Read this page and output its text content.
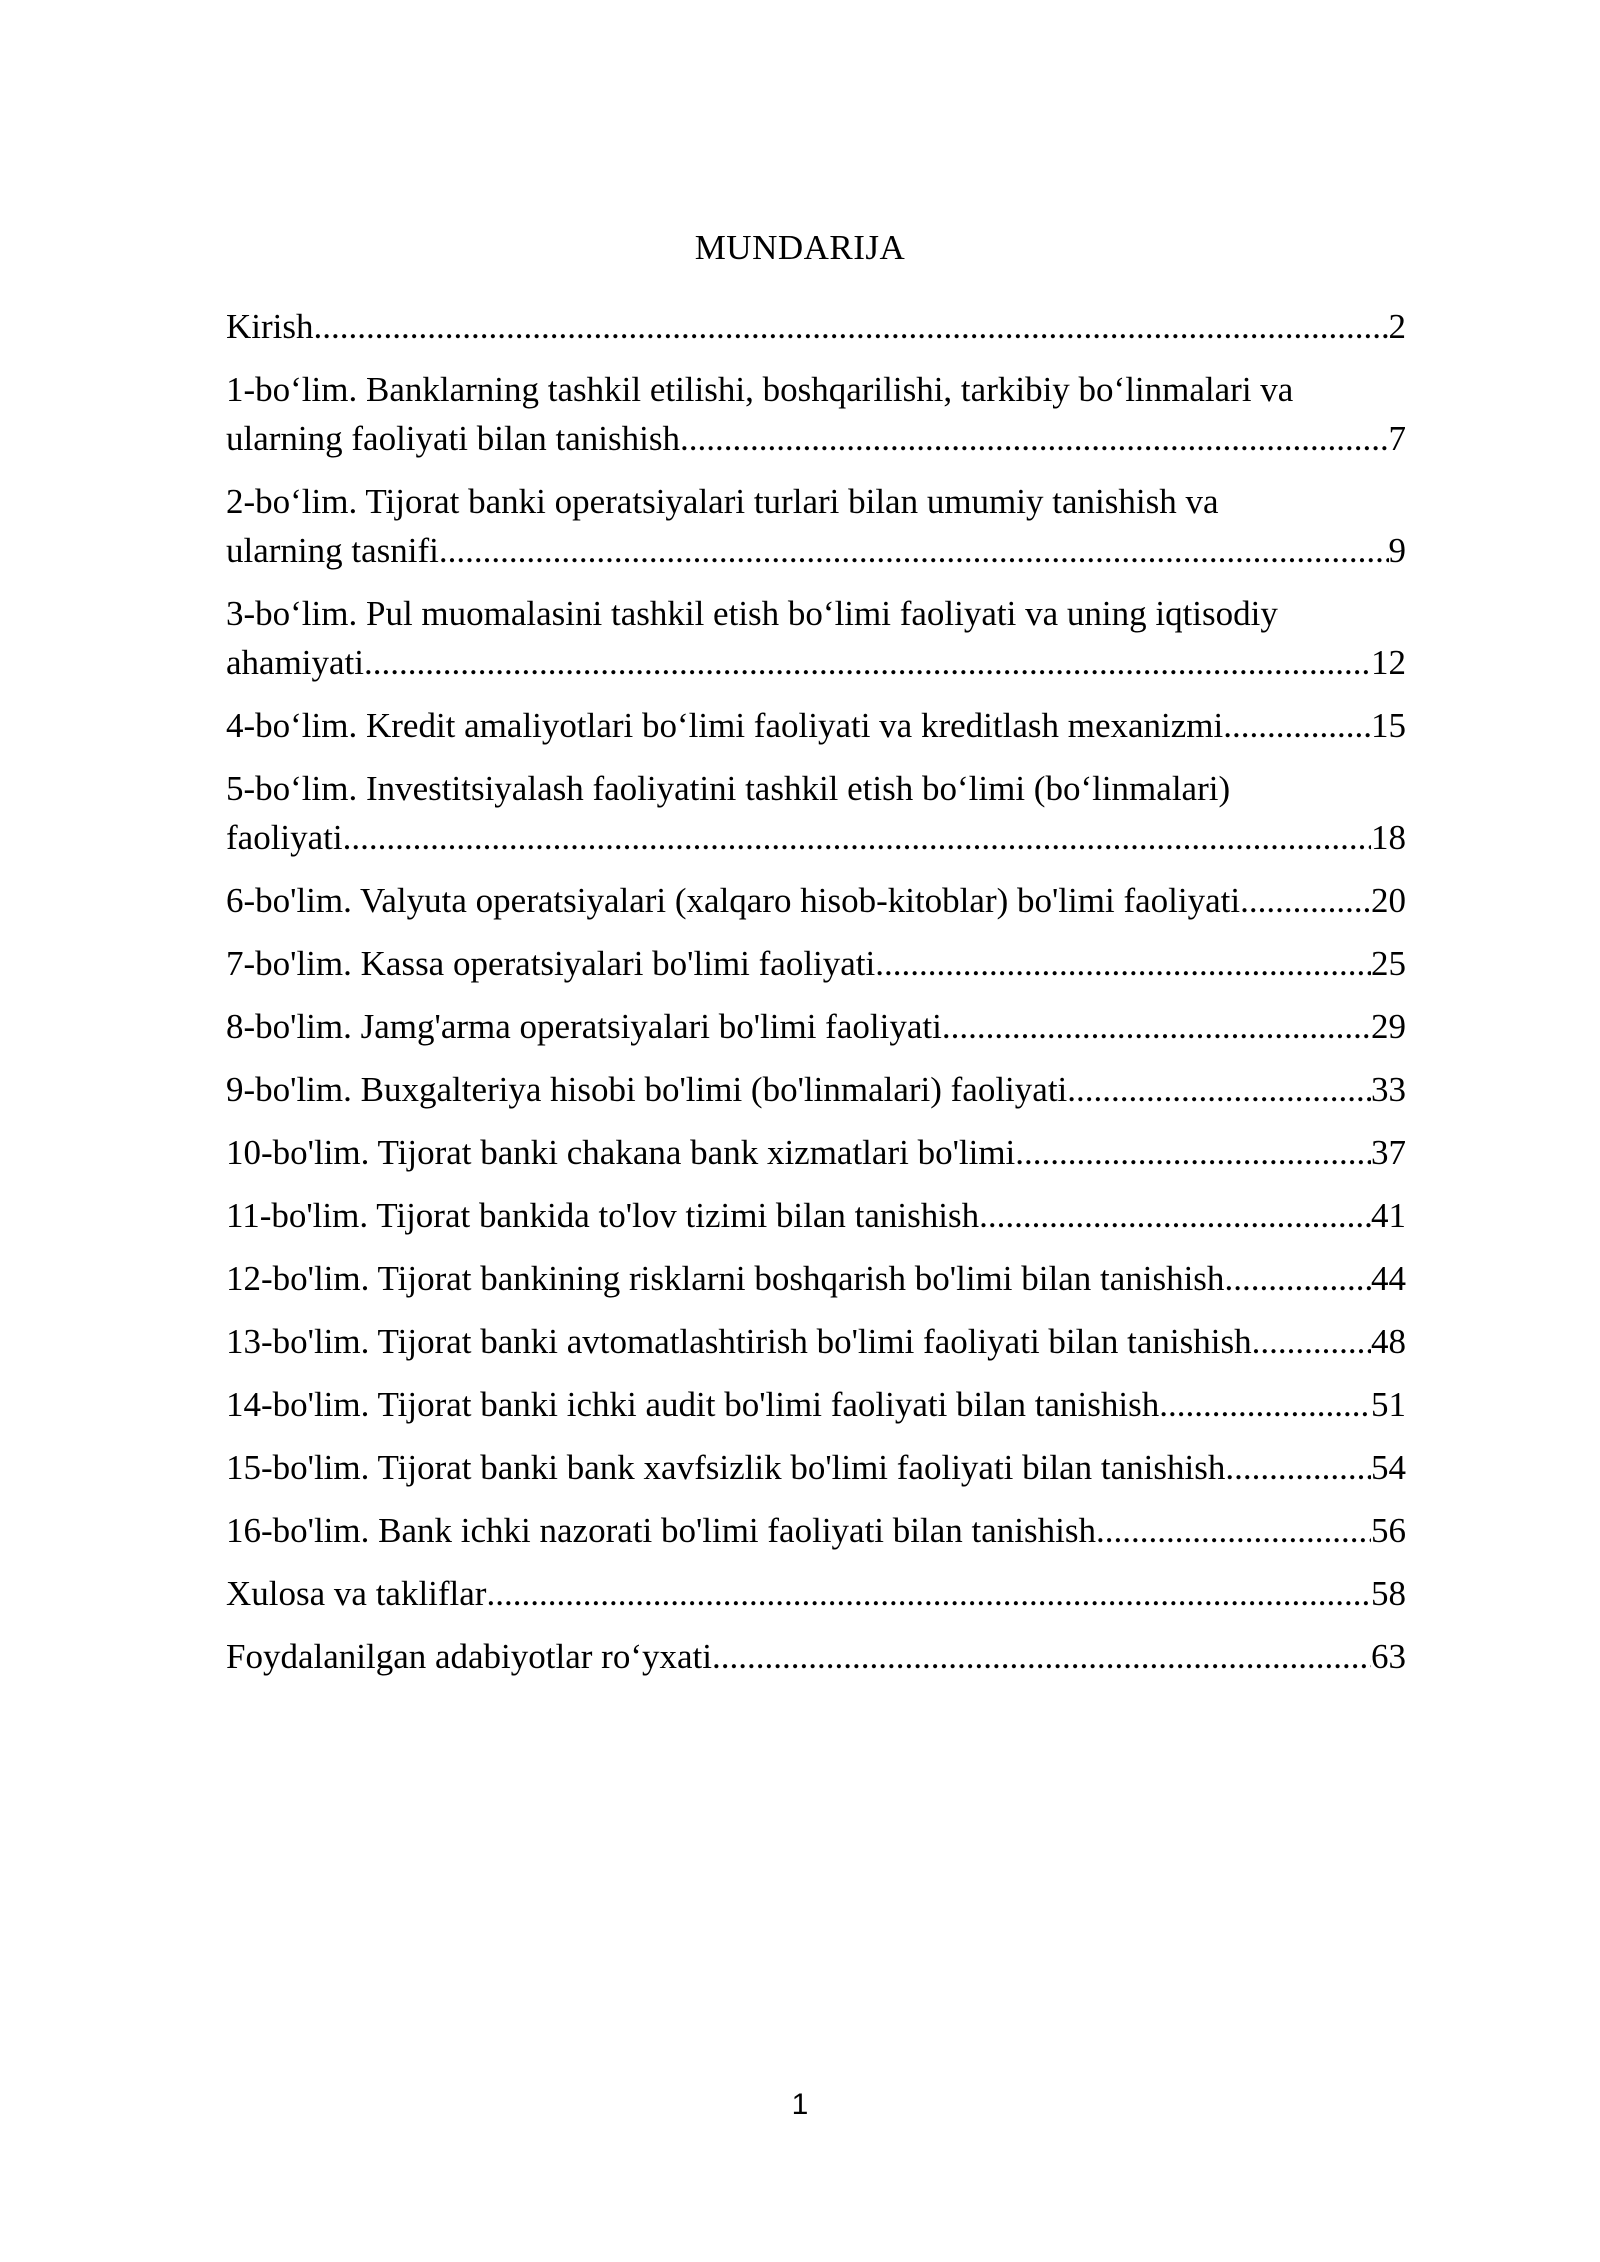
MUNDARIJA
Kirish .....	2
1-bo‘lim. Banklarning tashkil etilishi, boshqarilishi, tarkibiy bo‘linmalari va
ularning faoliyati bilan tanishish .....	7
2-bo‘lim. Tijorat banki operatsiyalari turlari bilan umumiy tanishish va
ularning tasnifi .....	9
3-bo‘lim. Pul muomalasini tashkil etish bo‘limi faoliyati va uning iqtisodiy
ahamiyati .....	12
4-bo‘lim. Kredit amaliyotlari bo‘limi faoliyati va kreditlash mexanizmi .....	15
5-bo‘lim. Investitsiyalash faoliyatini tashkil etish bo‘limi (bo‘linmalari)
faoliyati .....	18
6-bo'lim. Valyuta operatsiyalari (xalqaro hisob-kitoblar) bo'limi faoliyati .....	20
7-bo'lim. Kassa operatsiyalari bo'limi faoliyati .....	25
8-bo'lim. Jamg'arma operatsiyalari bo'limi faoliyati .....	29
9-bo'lim. Buxgalteriya hisobi bo'limi (bo'linmalari) faoliyati .....	33
10-bo'lim. Tijorat banki chakana bank xizmatlari bo'limi .....	37
11-bo'lim. Tijorat bankida to'lov tizimi bilan tanishish .....	41
12-bo'lim. Tijorat bankining risklarni boshqarish bo'limi bilan tanishish .....	44
13-bo'lim. Tijorat banki avtomatlashtirish bo'limi faoliyati bilan tanishish .....	48
14-bo'lim. Tijorat banki ichki audit bo'limi faoliyati bilan tanishish .....	51
15-bo'lim. Tijorat banki bank xavfsizlik bo'limi faoliyati bilan tanishish .....	54
16-bo'lim. Bank ichki nazorati bo'limi faoliyati bilan tanishish .....	56
Xulosa va takliflar .....	58
Foydalanilgan adabiyotlar ro‘yxati .....	63
1
